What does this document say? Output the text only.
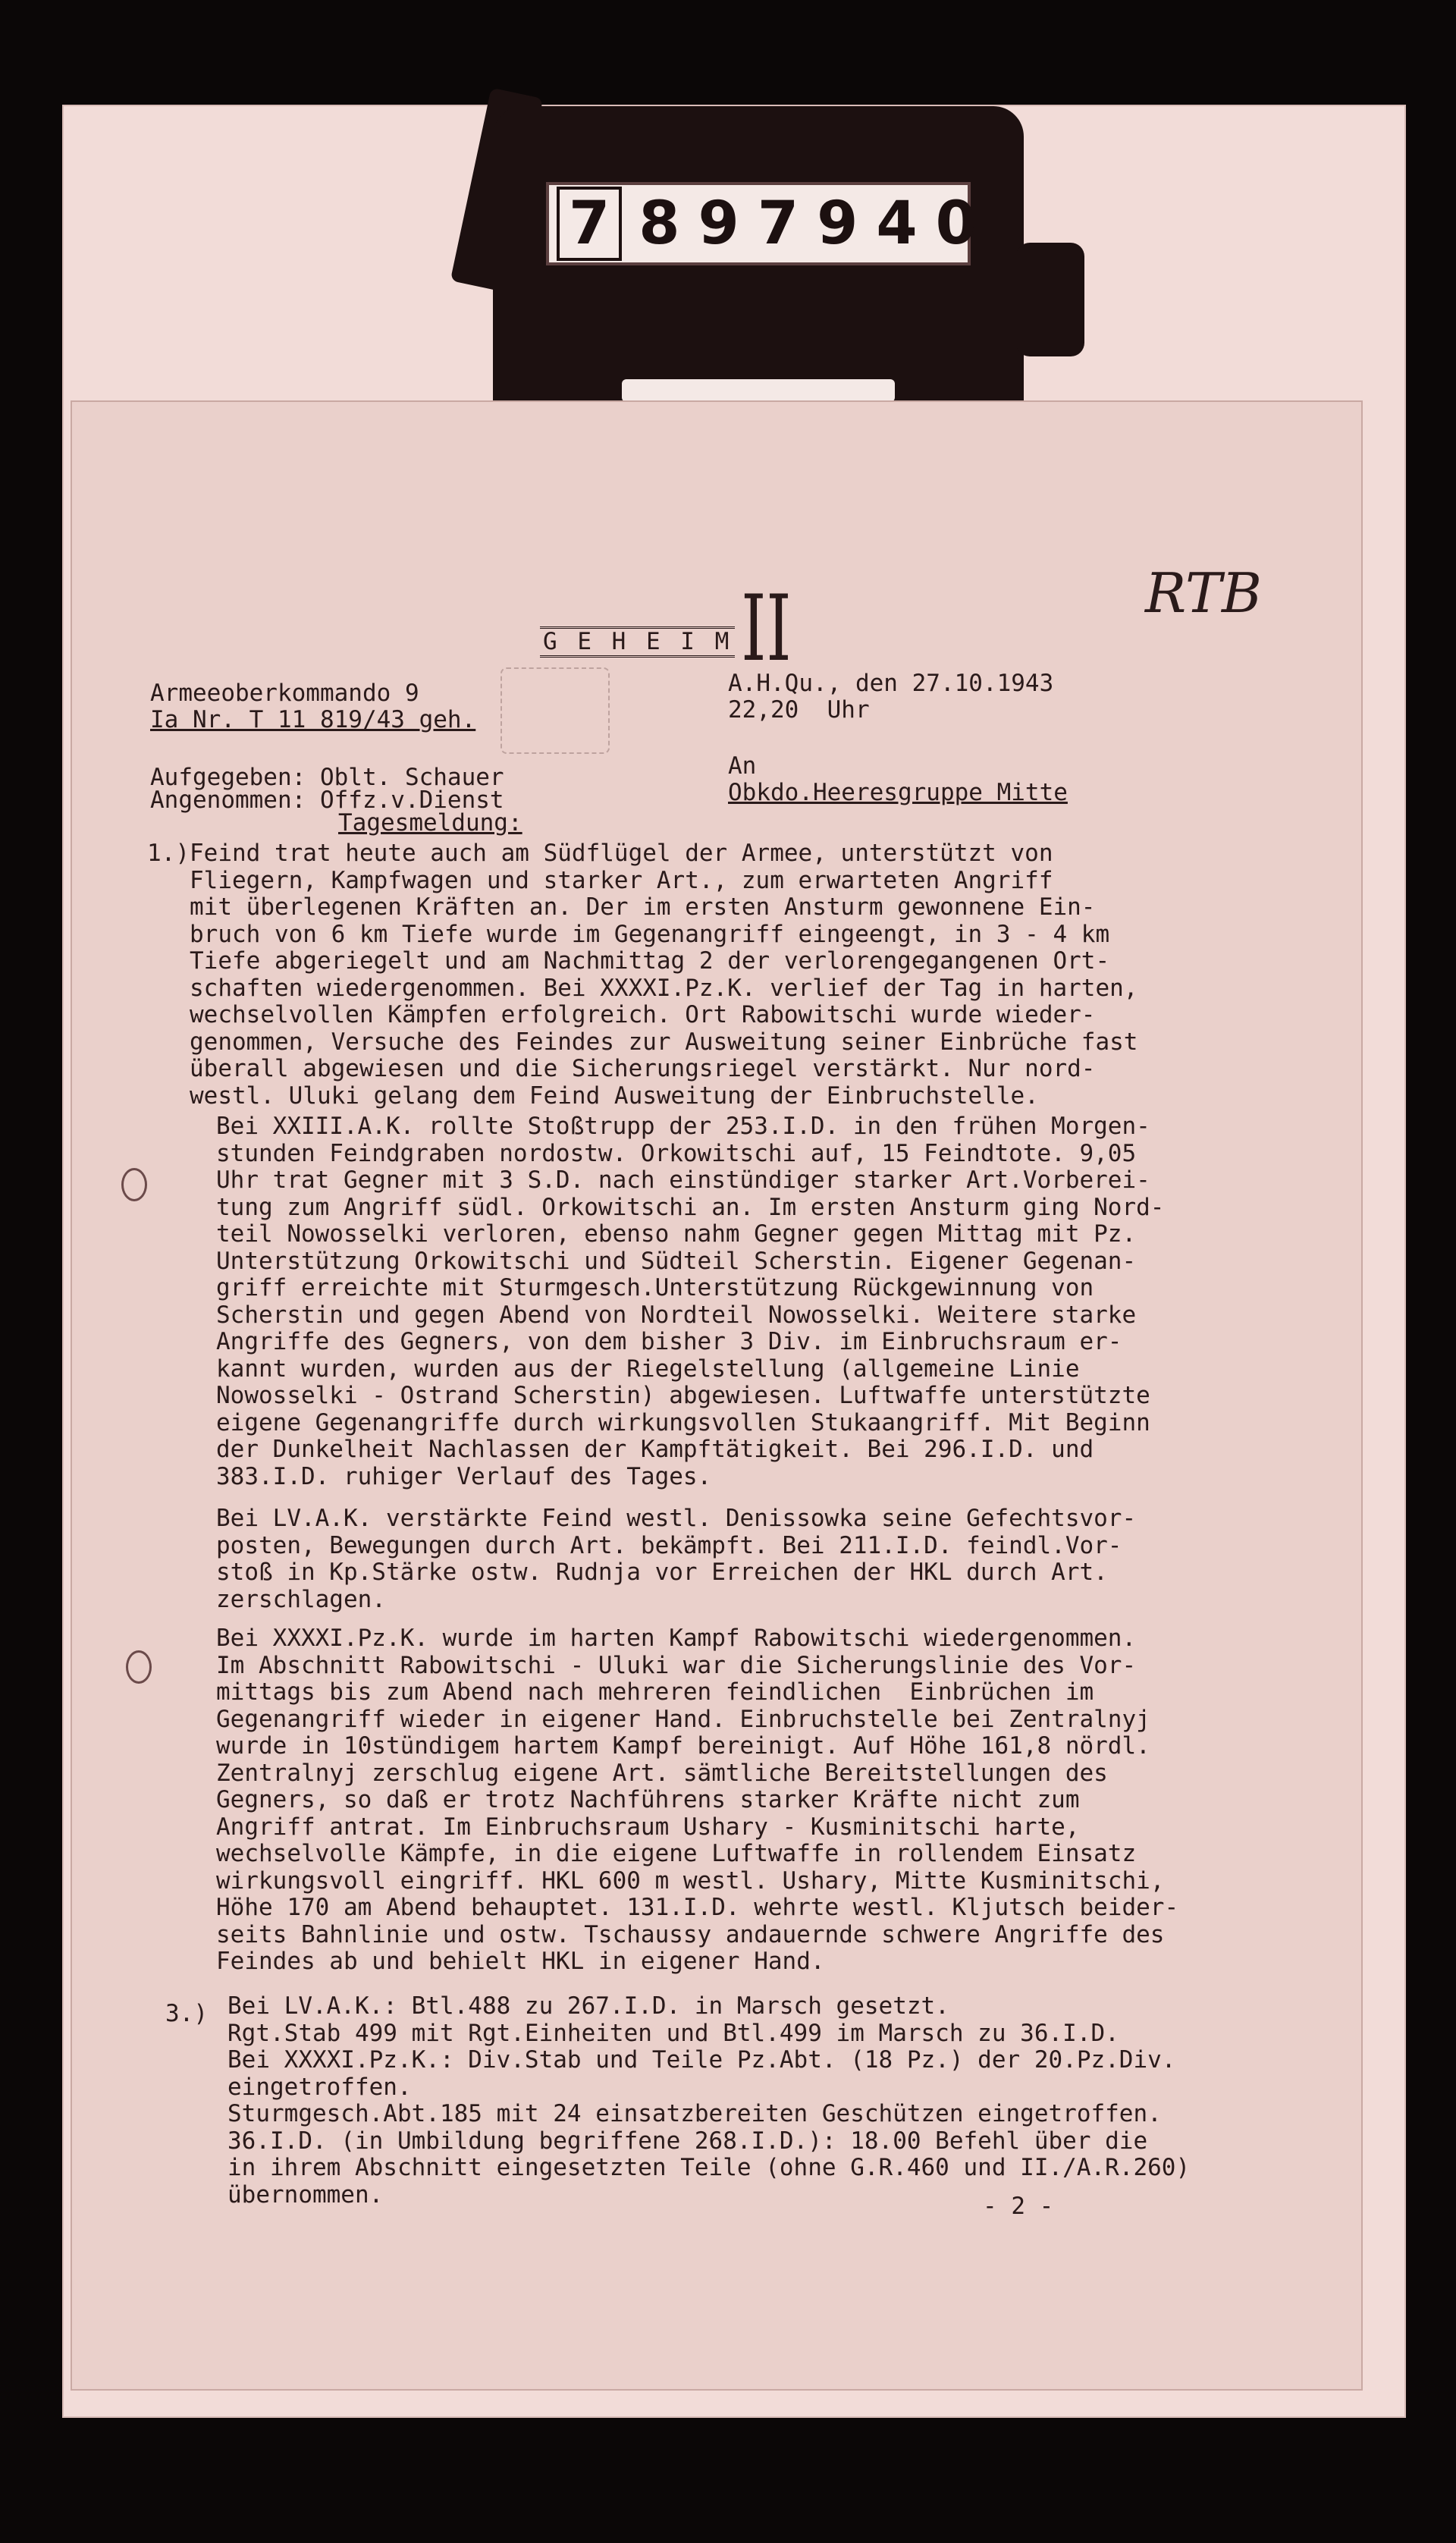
7 897940
II	RTB
G E H E I M
Armeeoberkommando 9
Ia Nr. T 11 819/43 geh.
A.H.Qu., den 27.10.1943
22,20  Uhr
Aufgegeben: Oblt. Schauer
Angenommen: Offz.v.Dienst
An
Obkdo.Heeresgruppe Mitte
Tagesmeldung:
1.) Feind trat heute auch am Südflügel der Armee, unterstützt von
Fliegern, Kampfwagen und starker Art., zum erwarteten Angriff
mit überlegenen Kräften an. Der im ersten Ansturm gewonnene Ein-
bruch von 6 km Tiefe wurde im Gegenangriff eingeengt, in 3 - 4 km
Tiefe abgeriegelt und am Nachmittag 2 der verlorengegangenen Ort-
schaften wiedergenommen. Bei XXXXI.Pz.K. verlief der Tag in harten,
wechselvollen Kämpfen erfolgreich. Ort Rabowitschi wurde wieder-
genommen, Versuche des Feindes zur Ausweitung seiner Einbrüche fast
überall abgewiesen und die Sicherungsriegel verstärkt. Nur nord-
westl. Uluki gelang dem Feind Ausweitung der Einbruchstelle.

Bei XXIII.A.K. rollte Stoßtrupp der 253.I.D. in den frühen Morgen-
stunden Feindgraben nordostw. Orkowitschi auf, 15 Feindtote. 9,05
Uhr trat Gegner mit 3 S.D. nach einstündiger starker Art.Vorberei-
tung zum Angriff südl. Orkowitschi an. Im ersten Ansturm ging Nord-
teil Nowosselki verloren, ebenso nahm Gegner gegen Mittag mit Pz.
Unterstützung Orkowitschi und Südteil Scherstin. Eigener Gegenan-
griff erreichte mit Sturmgesch.Unterstützung Rückgewinnung von
Scherstin und gegen Abend von Nordteil Nowosselki. Weitere starke
Angriffe des Gegners, von dem bisher 3 Div. im Einbruchsraum er-
kannt wurden, wurden aus der Riegelstellung (allgemeine Linie
Nowosselki - Ostrand Scherstin) abgewiesen. Luftwaffe unterstützte
eigene Gegenangriffe durch wirkungsvollen Stukaangriff. Mit Beginn
der Dunkelheit Nachlassen der Kampftätigkeit. Bei 296.I.D. und
383.I.D. ruhiger Verlauf des Tages.

Bei LV.A.K. verstärkte Feind westl. Denissowka seine Gefechtsvor-
posten, Bewegungen durch Art. bekämpft. Bei 211.I.D. feindl.Vor-
stoß in Kp.Stärke ostw. Rudnja vor Erreichen der HKL durch Art.
zerschlagen.

Bei XXXXI.Pz.K. wurde im harten Kampf Rabowitschi wiedergenommen.
Im Abschnitt Rabowitschi - Uluki war die Sicherungslinie des Vor-
mittags bis zum Abend nach mehreren feindlichen  Einbrüchen im
Gegenangriff wieder in eigener Hand. Einbruchstelle bei Zentralnyj
wurde in 10stündigem hartem Kampf bereinigt. Auf Höhe 161,8 nördl.
Zentralnyj zerschlug eigene Art. sämtliche Bereitstellungen des
Gegners, so daß er trotz Nachführens starker Kräfte nicht zum
Angriff antrat. Im Einbruchsraum Ushary - Kusminitschi harte,
wechselvolle Kämpfe, in die eigene Luftwaffe in rollendem Einsatz
wirkungsvoll eingriff. HKL 600 m westl. Ushary, Mitte Kusminitschi,
Höhe 170 am Abend behauptet. 131.I.D. wehrte westl. Kljutsch beider-
seits Bahnlinie und ostw. Tschaussy andauernde schwere Angriffe des
Feindes ab und behielt HKL in eigener Hand.

3.) Bei LV.A.K.: Btl.488 zu 267.I.D. in Marsch gesetzt.
Rgt.Stab 499 mit Rgt.Einheiten und Btl.499 im Marsch zu 36.I.D.
Bei XXXXI.Pz.K.: Div.Stab und Teile Pz.Abt. (18 Pz.) der 20.Pz.Div.
eingetroffen.
Sturmgesch.Abt.185 mit 24 einsatzbereiten Geschützen eingetroffen.
36.I.D. (in Umbildung begriffene 268.I.D.): 18.00 Befehl über die
in ihrem Abschnitt eingesetzten Teile (ohne G.R.460 und II./A.R.260)
übernommen.	- 2 -
